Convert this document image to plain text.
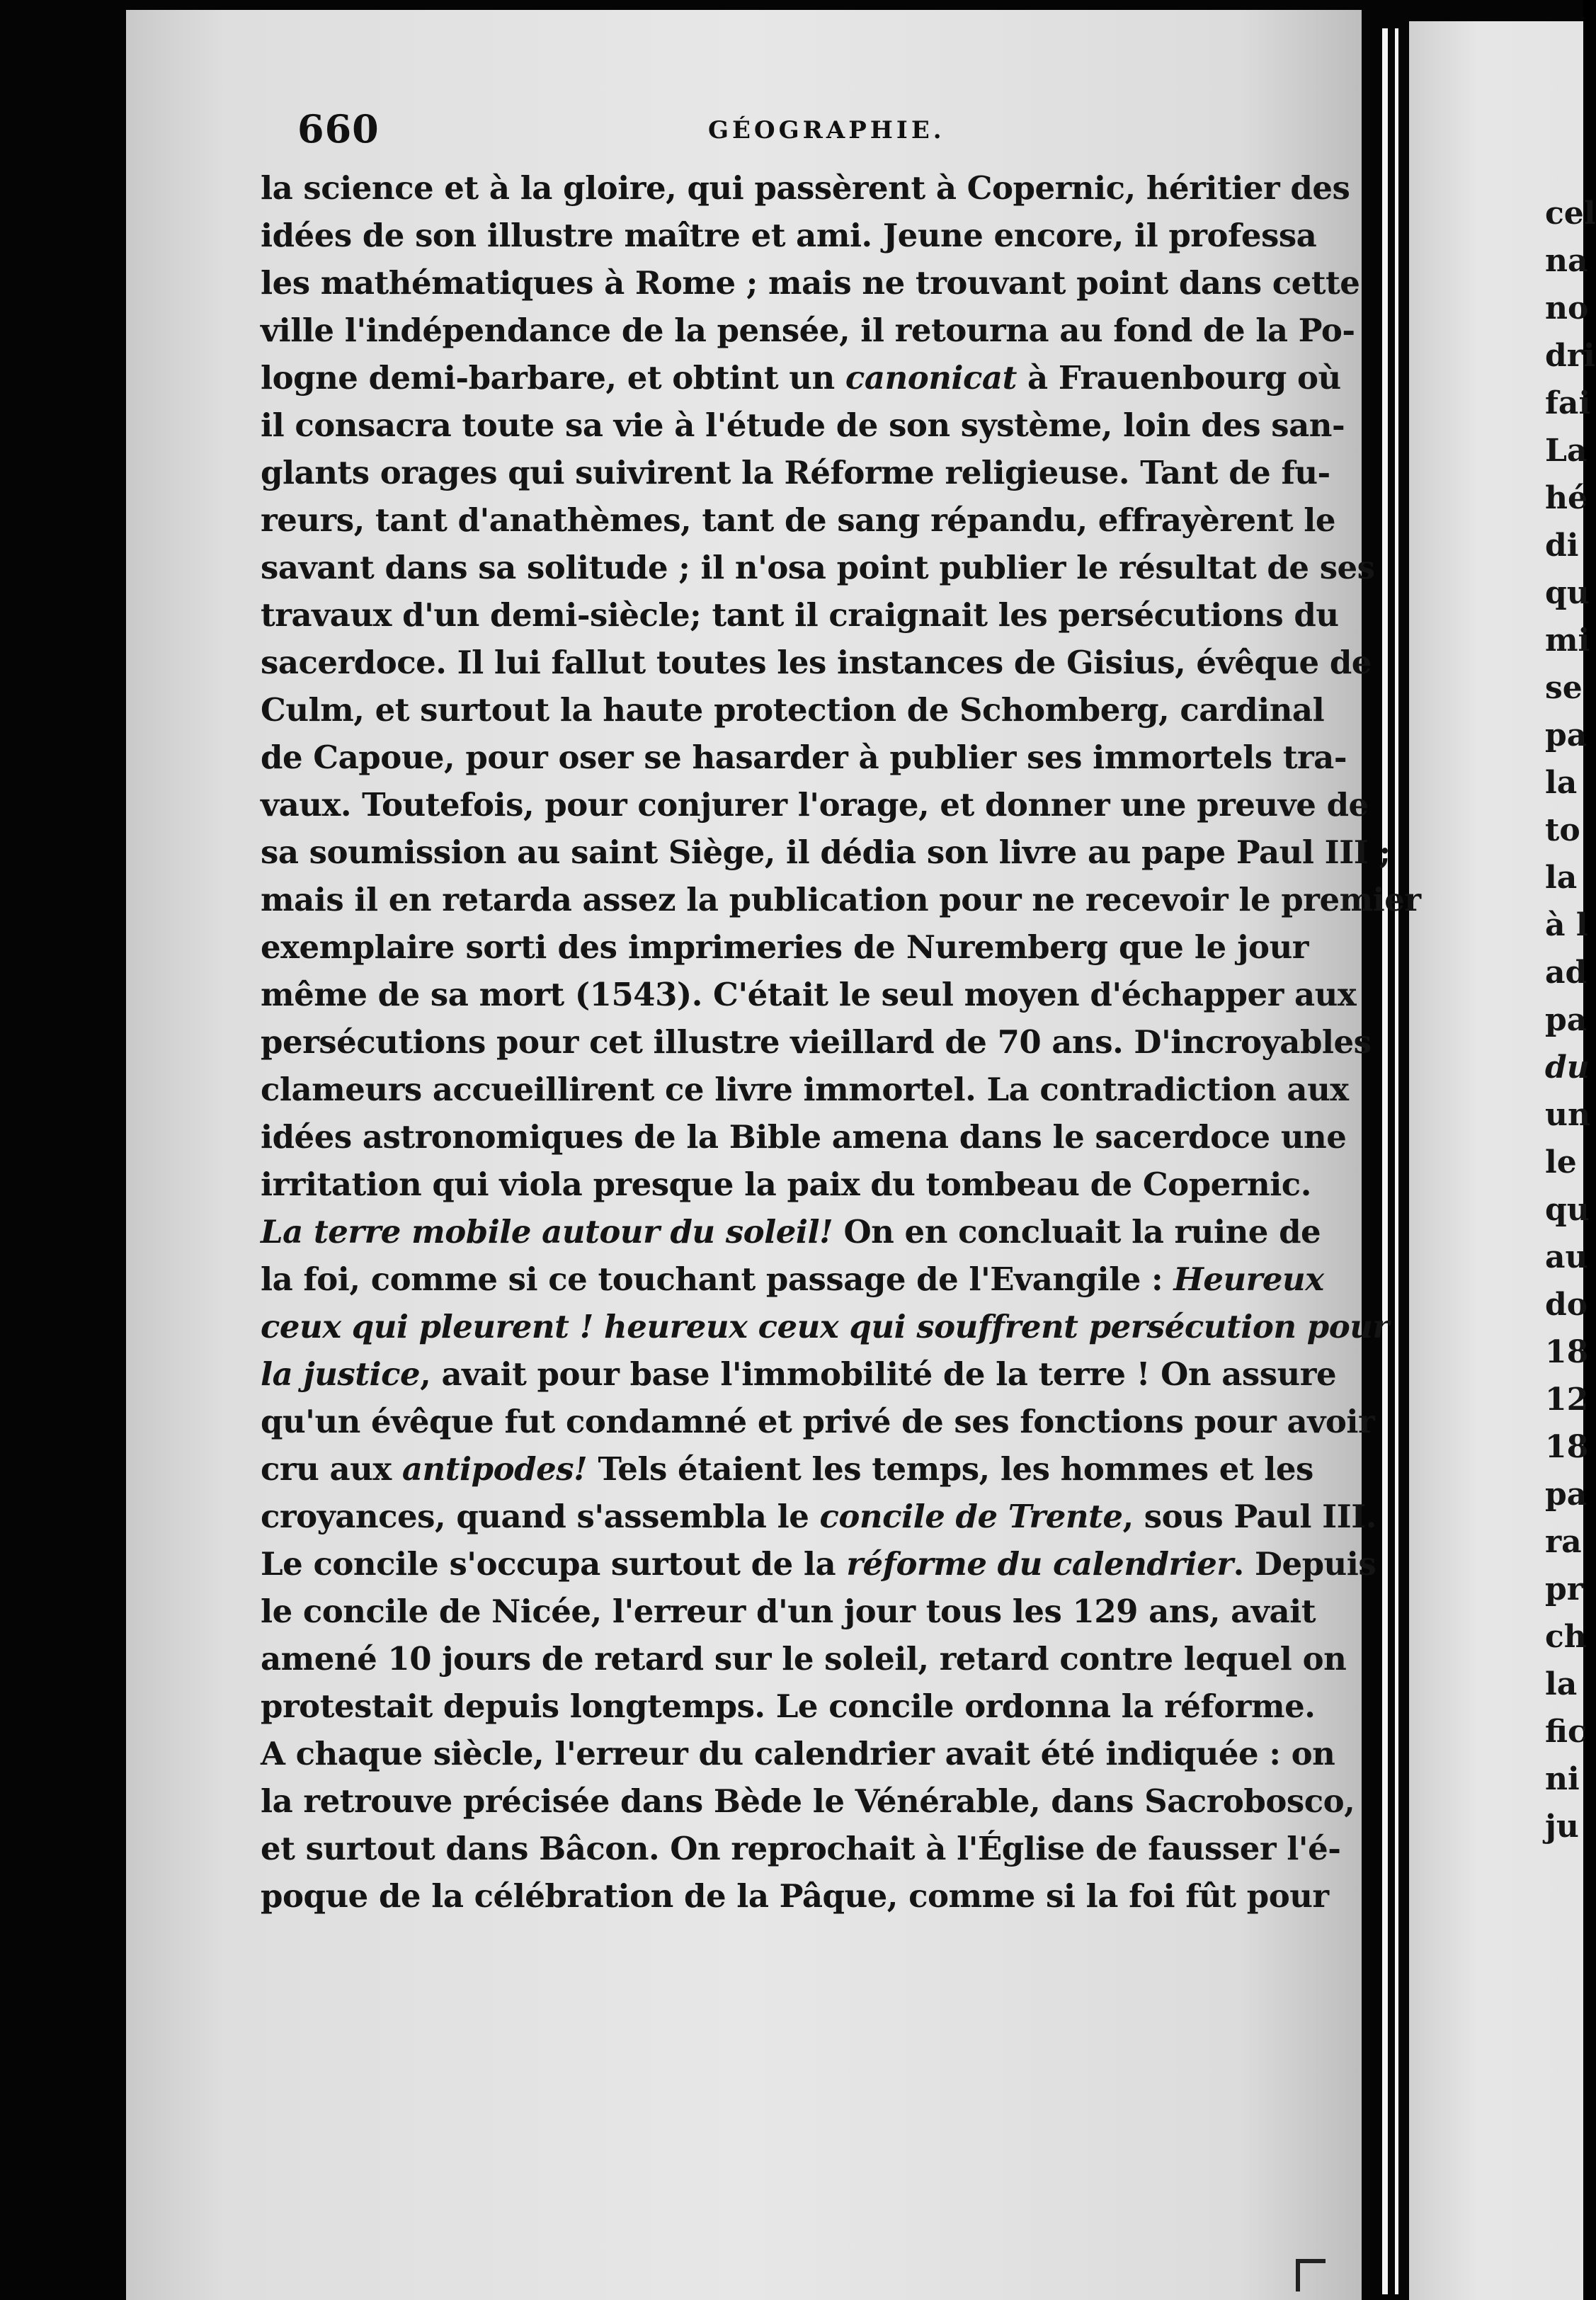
660	GÉOGRAPHIE.
la science et à la gloire, qui passèrent à Copernic, héritier des
idées de son illustre maître et ami. Jeune encore, il professa
les mathématiques à Rome ; mais ne trouvant point dans cette
ville l'indépendance de la pensée, il retourna au fond de la Po-
logne demi-barbare, et obtint un canonicat à Frauenbourg où
il consacra toute sa vie à l'étude de son système, loin des san-
glants orages qui suivirent la Réforme religieuse. Tant de fu-
reurs, tant d'anathèmes, tant de sang répandu, effrayèrent le
savant dans sa solitude ; il n'osa point publier le résultat de ses
travaux d'un demi-siècle; tant il craignait les persécutions du
sacerdoce. Il lui fallut toutes les instances de Gisius, évêque de
Culm, et surtout la haute protection de Schomberg, cardinal
de Capoue, pour oser se hasarder à publier ses immortels tra-
vaux. Toutefois, pour conjurer l'orage, et donner une preuve de
sa soumission au saint Siège, il dédia son livre au pape Paul III ;
mais il en retarda assez la publication pour ne recevoir le premier
exemplaire sorti des imprimeries de Nuremberg que le jour
même de sa mort (1543). C'était le seul moyen d'échapper aux
persécutions pour cet illustre vieillard de 70 ans. D'incroyables
clameurs accueillirent ce livre immortel. La contradiction aux
idées astronomiques de la Bible amena dans le sacerdoce une
irritation qui viola presque la paix du tombeau de Copernic.
La terre mobile autour du soleil! On en concluait la ruine de
la foi, comme si ce touchant passage de l'Evangile : Heureux
ceux qui pleurent ! heureux ceux qui souffrent persécution pour
la justice, avait pour base l'immobilité de la terre ! On assure
qu'un évêque fut condamné et privé de ses fonctions pour avoir
cru aux antipodes! Tels étaient les temps, les hommes et les
croyances, quand s'assembla le concile de Trente, sous Paul III.
Le concile s'occupa surtout de la réforme du calendrier. Depuis
le concile de Nicée, l'erreur d'un jour tous les 129 ans, avait
amené 10 jours de retard sur le soleil, retard contre lequel on
protestait depuis longtemps. Le concile ordonna la réforme.
A chaque siècle, l'erreur du calendrier avait été indiquée : on
la retrouve précisée dans Bède le Vénérable, dans Sacrobosco,
et surtout dans Bâcon. On reprochait à l'Église de fausser l'é-
poque de la célébration de la Pâque, comme si la foi fût pour
cel
na
no
dri
fai
La
hé
di
qu
mi
se
pa
la
to
la
à l
ad
pa
du
un
le
qu
au
do
18
12
18
pa
ra
pr
ch
la
fic
ni
ju
